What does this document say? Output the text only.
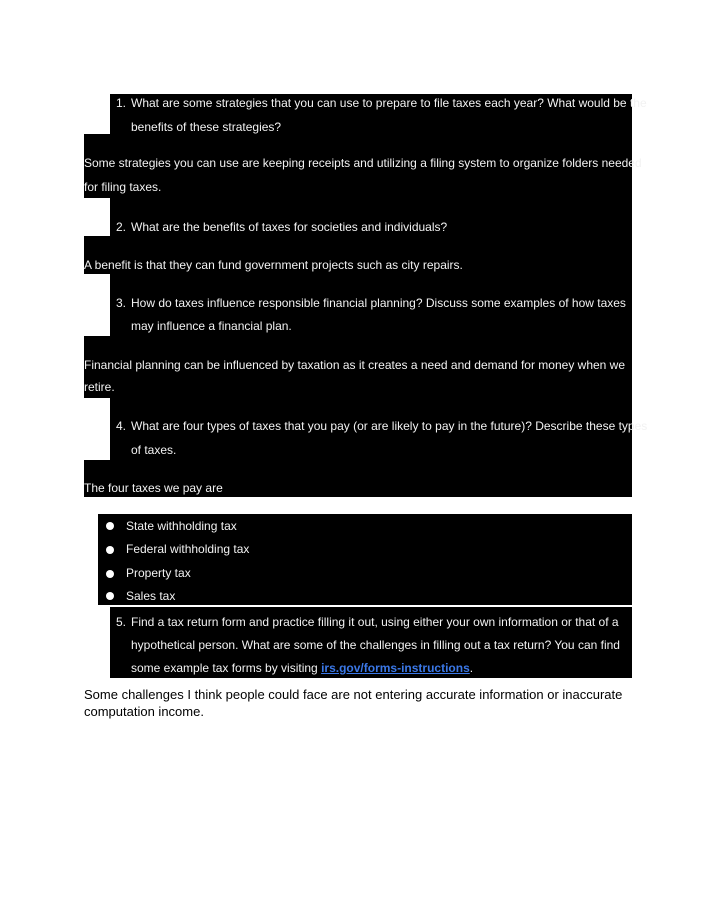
1. What are some strategies that you can use to prepare to file taxes each year? What would be the
benefits of these strategies?
Some strategies you can use are keeping receipts and utilizing a filing system to organize folders needed
for filing taxes.
2. What are the benefits of taxes for societies and individuals?
A benefit is that they can fund government projects such as city repairs.
3. How do taxes influence responsible financial planning? Discuss some examples of how taxes
may influence a financial plan.
Financial planning can be influenced by taxation as it creates a need and demand for money when we
retire.
4. What are four types of taxes that you pay (or are likely to pay in the future)? Describe these types
of taxes.
The four taxes we pay are
State withholding tax
Federal withholding tax
Property tax
Sales tax
5. Find a tax return form and practice filling it out, using either your own information or that of a
hypothetical person. What are some of the challenges in filling out a tax return? You can find
some example tax forms by visiting irs.gov/forms-instructions.
Some challenges I think people could face are not entering accurate information or inaccurate computation income.
